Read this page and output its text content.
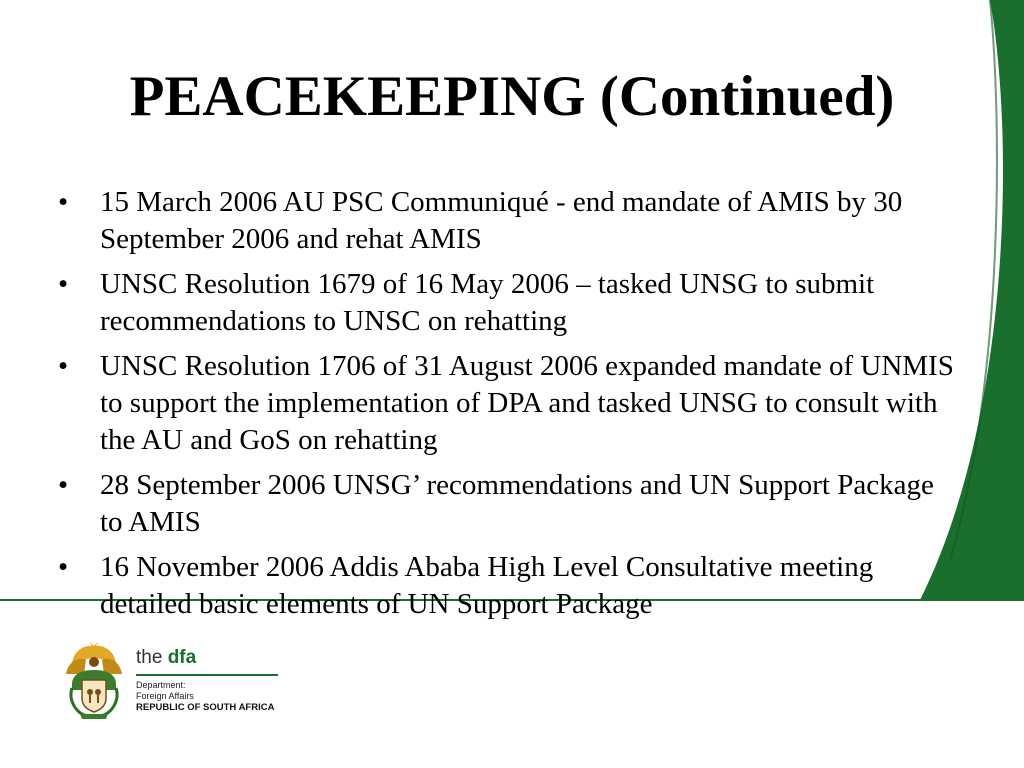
PEACEKEEPING (Continued)
• 15 March 2006 AU PSC Communiqué - end mandate of AMIS by 30 September 2006 and rehat AMIS
• UNSC Resolution 1679 of 16 May 2006 – tasked UNSG to submit recommendations to UNSC on rehatting
• UNSC Resolution 1706 of 31 August 2006 expanded mandate of UNMIS to support the implementation of DPA and tasked UNSG to consult with the AU and GoS on rehatting
• 28 September 2006 UNSG’ recommendations and UN Support Package to AMIS
• 16 November 2006 Addis Ababa High Level Consultative meeting detailed basic elements of UN Support Package
the dfa
Department:
Foreign Affairs
REPUBLIC OF SOUTH AFRICA
